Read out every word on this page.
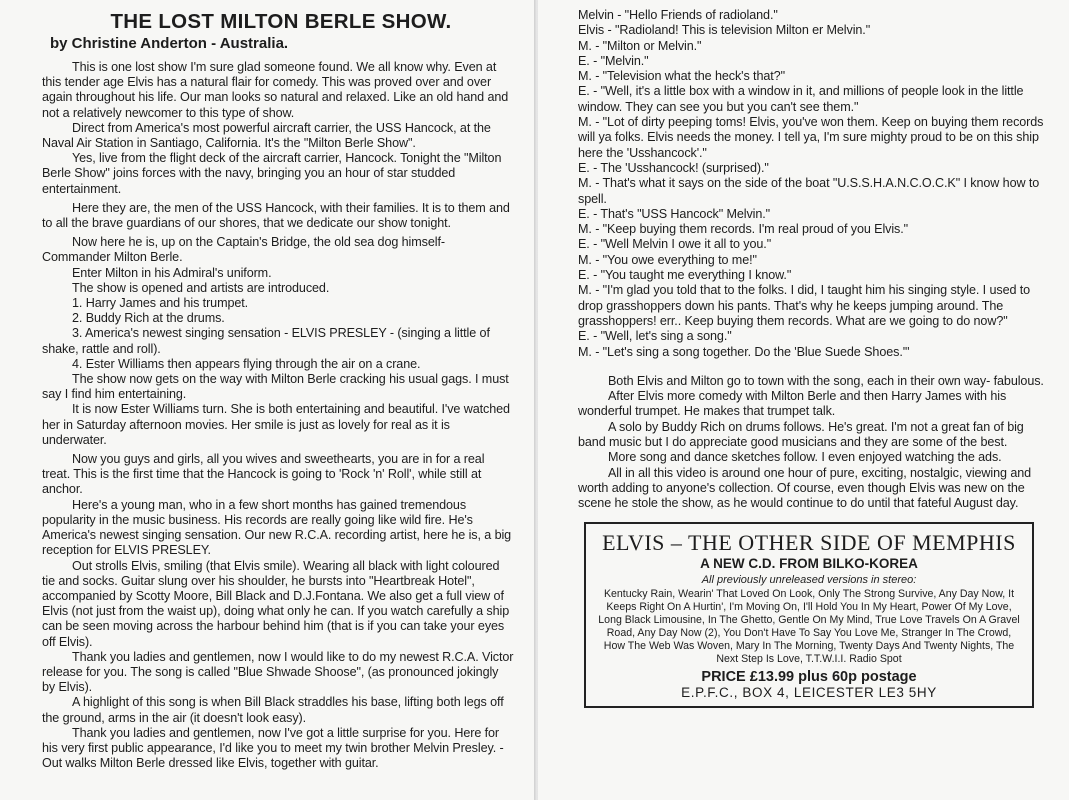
THE LOST MILTON BERLE SHOW.
by Christine Anderton - Australia.

This is one lost show I'm sure glad someone found. We all know why. Even at this tender age Elvis has a natural flair for comedy. This was proved over and over again throughout his life. Our man looks so natural and relaxed. Like an old hand and not a relatively newcomer to this type of show.

Direct from America's most powerful aircraft carrier, the USS Hancock, at the Naval Air Station in Santiago, California. It's the "Milton Berle Show".

Yes, live from the flight deck of the aircraft carrier, Hancock. Tonight the "Milton Berle Show" joins forces with the navy, bringing you an hour of star studded entertainment.

Here they are, the men of the USS Hancock, with their families. It is to them and to all the brave guardians of our shores, that we dedicate our show tonight.

Now here he is, up on the Captain's Bridge, the old sea dog himself- Commander Milton Berle.

Enter Milton in his Admiral's uniform.

The show is opened and artists are introduced.

1. Harry James and his trumpet.

2. Buddy Rich at the drums.

3. America's newest singing sensation - ELVIS PRESLEY - (singing a little of shake, rattle and roll).

4. Ester Williams then appears flying through the air on a crane.

The show now gets on the way with Milton Berle cracking his usual gags. I must say I find him entertaining.

It is now Ester Williams turn. She is both entertaining and beautiful. I've watched her in Saturday afternoon movies. Her smile is just as lovely for real as it is underwater.

Now you guys and girls, all you wives and sweethearts, you are in for a real treat. This is the first time that the Hancock is going to 'Rock 'n' Roll', while still at anchor.

Here's a young man, who in a few short months has gained tremendous popularity in the music business. His records are really going like wild fire. He's America's newest singing sensation. Our new R.C.A. recording artist, here he is, a big reception for ELVIS PRESLEY.

Out strolls Elvis, smiling (that Elvis smile). Wearing all black with light coloured tie and socks. Guitar slung over his shoulder, he bursts into "Heartbreak Hotel", accompanied by Scotty Moore, Bill Black and D.J.Fontana. We also get a full view of Elvis (not just from the waist up), doing what only he can. If you watch carefully a ship can be seen moving across the harbour behind him (that is if you can take your eyes off Elvis).

Thank you ladies and gentlemen, now I would like to do my newest R.C.A. Victor release for you. The song is called "Blue Shwade Shoose", (as pronounced jokingly by Elvis).

A highlight of this song is when Bill Black straddles his base, lifting both legs off the ground, arms in the air (it doesn't look easy).

Thank you ladies and gentlemen, now I've got a little surprise for you. Here for his very first public appearance, I'd like you to meet my twin brother Melvin Presley. - Out walks Milton Berle dressed like Elvis, together with guitar.

Melvin - "Hello Friends of radioland."

Elvis - "Radioland! This is television Milton er Melvin."

M. - "Milton or Melvin."

E. - "Melvin."

M. - "Television what the heck's that?"

E. - "Well, it's a little box with a window in it, and millions of people look in the little window. They can see you but you can't see them."

M. - "Lot of dirty peeping toms! Elvis, you've won them. Keep on buying them records will ya folks. Elvis needs the money. I tell ya, I'm sure mighty proud to be on this ship here the 'Usshancock'."

E. - The 'Usshancock! (surprised)."

M. - That's what it says on the side of the boat "U.S.S.H.A.N.C.O.C.K" I know how to spell.

E. - That's "USS Hancock" Melvin."

M. - "Keep buying them records. I'm real proud of you Elvis."

E. - "Well Melvin I owe it all to you."

M. - "You owe everything to me!"

E. - "You taught me everything I know."

M. - "I'm glad you told that to the folks. I did, I taught him his singing style. I used to drop grasshoppers down his pants. That's why he keeps jumping around. The grasshoppers! err.. Keep buying them records. What are we going to do now?"

E. - "Well, let's sing a song."

M. - "Let's sing a song together. Do the 'Blue Suede Shoes.'"

Both Elvis and Milton go to town with the song, each in their own way- fabulous.

After Elvis more comedy with Milton Berle and then Harry James with his wonderful trumpet. He makes that trumpet talk.

A solo by Buddy Rich on drums follows. He's great. I'm not a great fan of big band music but I do appreciate good musicians and they are some of the best.

More song and dance sketches follow. I even enjoyed watching the ads.

All in all this video is around one hour of pure, exciting, nostalgic, viewing and worth adding to anyone's collection. Of course, even though Elvis was new on the scene he stole the show, as he would continue to do until that fateful August day.

ELVIS – THE OTHER SIDE OF MEMPHIS

A NEW C.D. FROM BILKO-KOREA

All previously unreleased versions in stereo:

Kentucky Rain, Wearin' That Loved On Look, Only The Strong Survive, Any Day Now, It Keeps Right On A Hurtin', I'm Moving On, I'll Hold You In My Heart, Power Of My Love, Long Black Limousine, In The Ghetto, Gentle On My Mind, True Love Travels On A Gravel Road, Any Day Now (2), You Don't Have To Say You Love Me, Stranger In The Crowd, How The Web Was Woven, Mary In The Morning, Twenty Days And Twenty Nights, The Next Step Is Love, T.T.W.I.I. Radio Spot

PRICE £13.99 plus 60p postage

E.P.F.C., BOX 4, LEICESTER LE3 5HY
